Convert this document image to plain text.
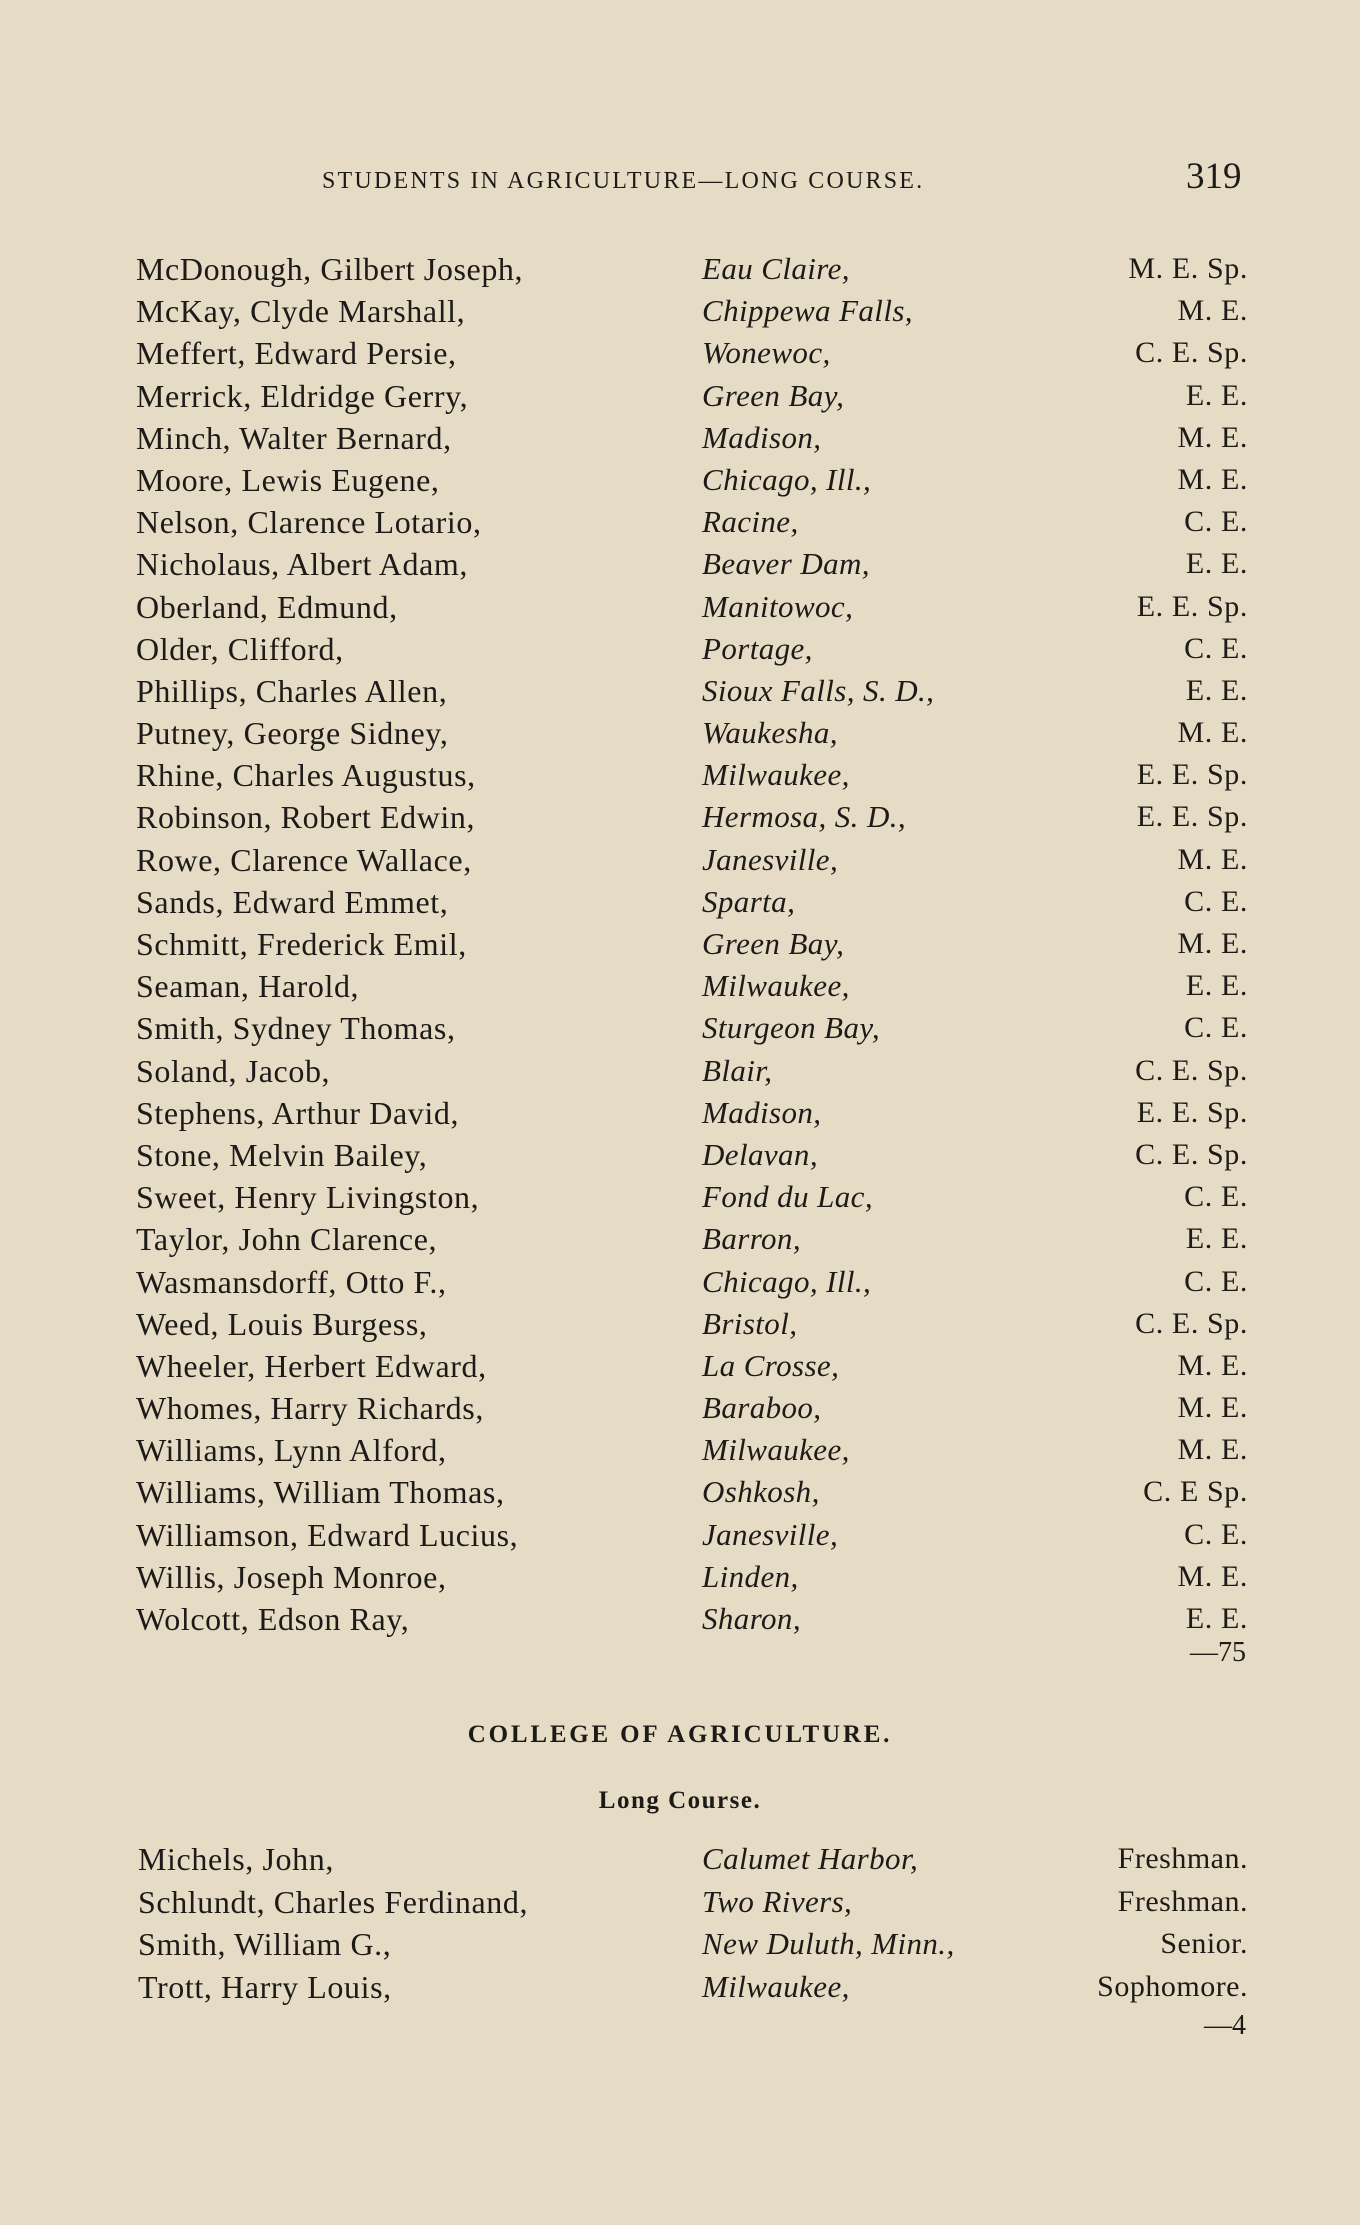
STUDENTS IN AGRICULTURE—LONG COURSE.	319
McDonough, Gilbert Joseph,	Eau Claire,	M. E. Sp.
McKay, Clyde Marshall,	Chippewa Falls,	M. E.
Meffert, Edward Persie,	Wonewoc,	C. E. Sp.
Merrick, Eldridge Gerry,	Green Bay,	E. E.
Minch, Walter Bernard,	Madison,	M. E.
Moore, Lewis Eugene,	Chicago, Ill.,	M. E.
Nelson, Clarence Lotario,	Racine,	C. E.
Nicholaus, Albert Adam,	Beaver Dam,	E. E.
Oberland, Edmund,	Manitowoc,	E. E. Sp.
Older, Clifford,	Portage,	C. E.
Phillips, Charles Allen,	Sioux Falls, S. D.,	E. E.
Putney, George Sidney,	Waukesha,	M. E.
Rhine, Charles Augustus,	Milwaukee,	E. E. Sp.
Robinson, Robert Edwin,	Hermosa, S. D.,	E. E. Sp.
Rowe, Clarence Wallace,	Janesville,	M. E.
Sands, Edward Emmet,	Sparta,	C. E.
Schmitt, Frederick Emil,	Green Bay,	M. E.
Seaman, Harold,	Milwaukee,	E. E.
Smith, Sydney Thomas,	Sturgeon Bay,	C. E.
Soland, Jacob,	Blair,	C. E. Sp.
Stephens, Arthur David,	Madison,	E. E. Sp.
Stone, Melvin Bailey,	Delavan,	C. E. Sp.
Sweet, Henry Livingston,	Fond du Lac,	C. E.
Taylor, John Clarence,	Barron,	E. E.
Wasmansdorff, Otto F.,	Chicago, Ill.,	C. E.
Weed, Louis Burgess,	Bristol,	C. E. Sp.
Wheeler, Herbert Edward,	La Crosse,	M. E.
Whomes, Harry Richards,	Baraboo,	M. E.
Williams, Lynn Alford,	Milwaukee,	M. E.
Williams, William Thomas,	Oshkosh,	C. E Sp.
Williamson, Edward Lucius,	Janesville,	C. E.
Willis, Joseph Monroe,	Linden,	M. E.
Wolcott, Edson Ray,	Sharon,	E. E.
—75
COLLEGE OF AGRICULTURE.
Long Course.
Michels, John,	Calumet Harbor,	Freshman.
Schlundt, Charles Ferdinand,	Two Rivers,	Freshman.
Smith, William G.,	New Duluth, Minn.,	Senior.
Trott, Harry Louis,	Milwaukee,	Sophomore.
—4
